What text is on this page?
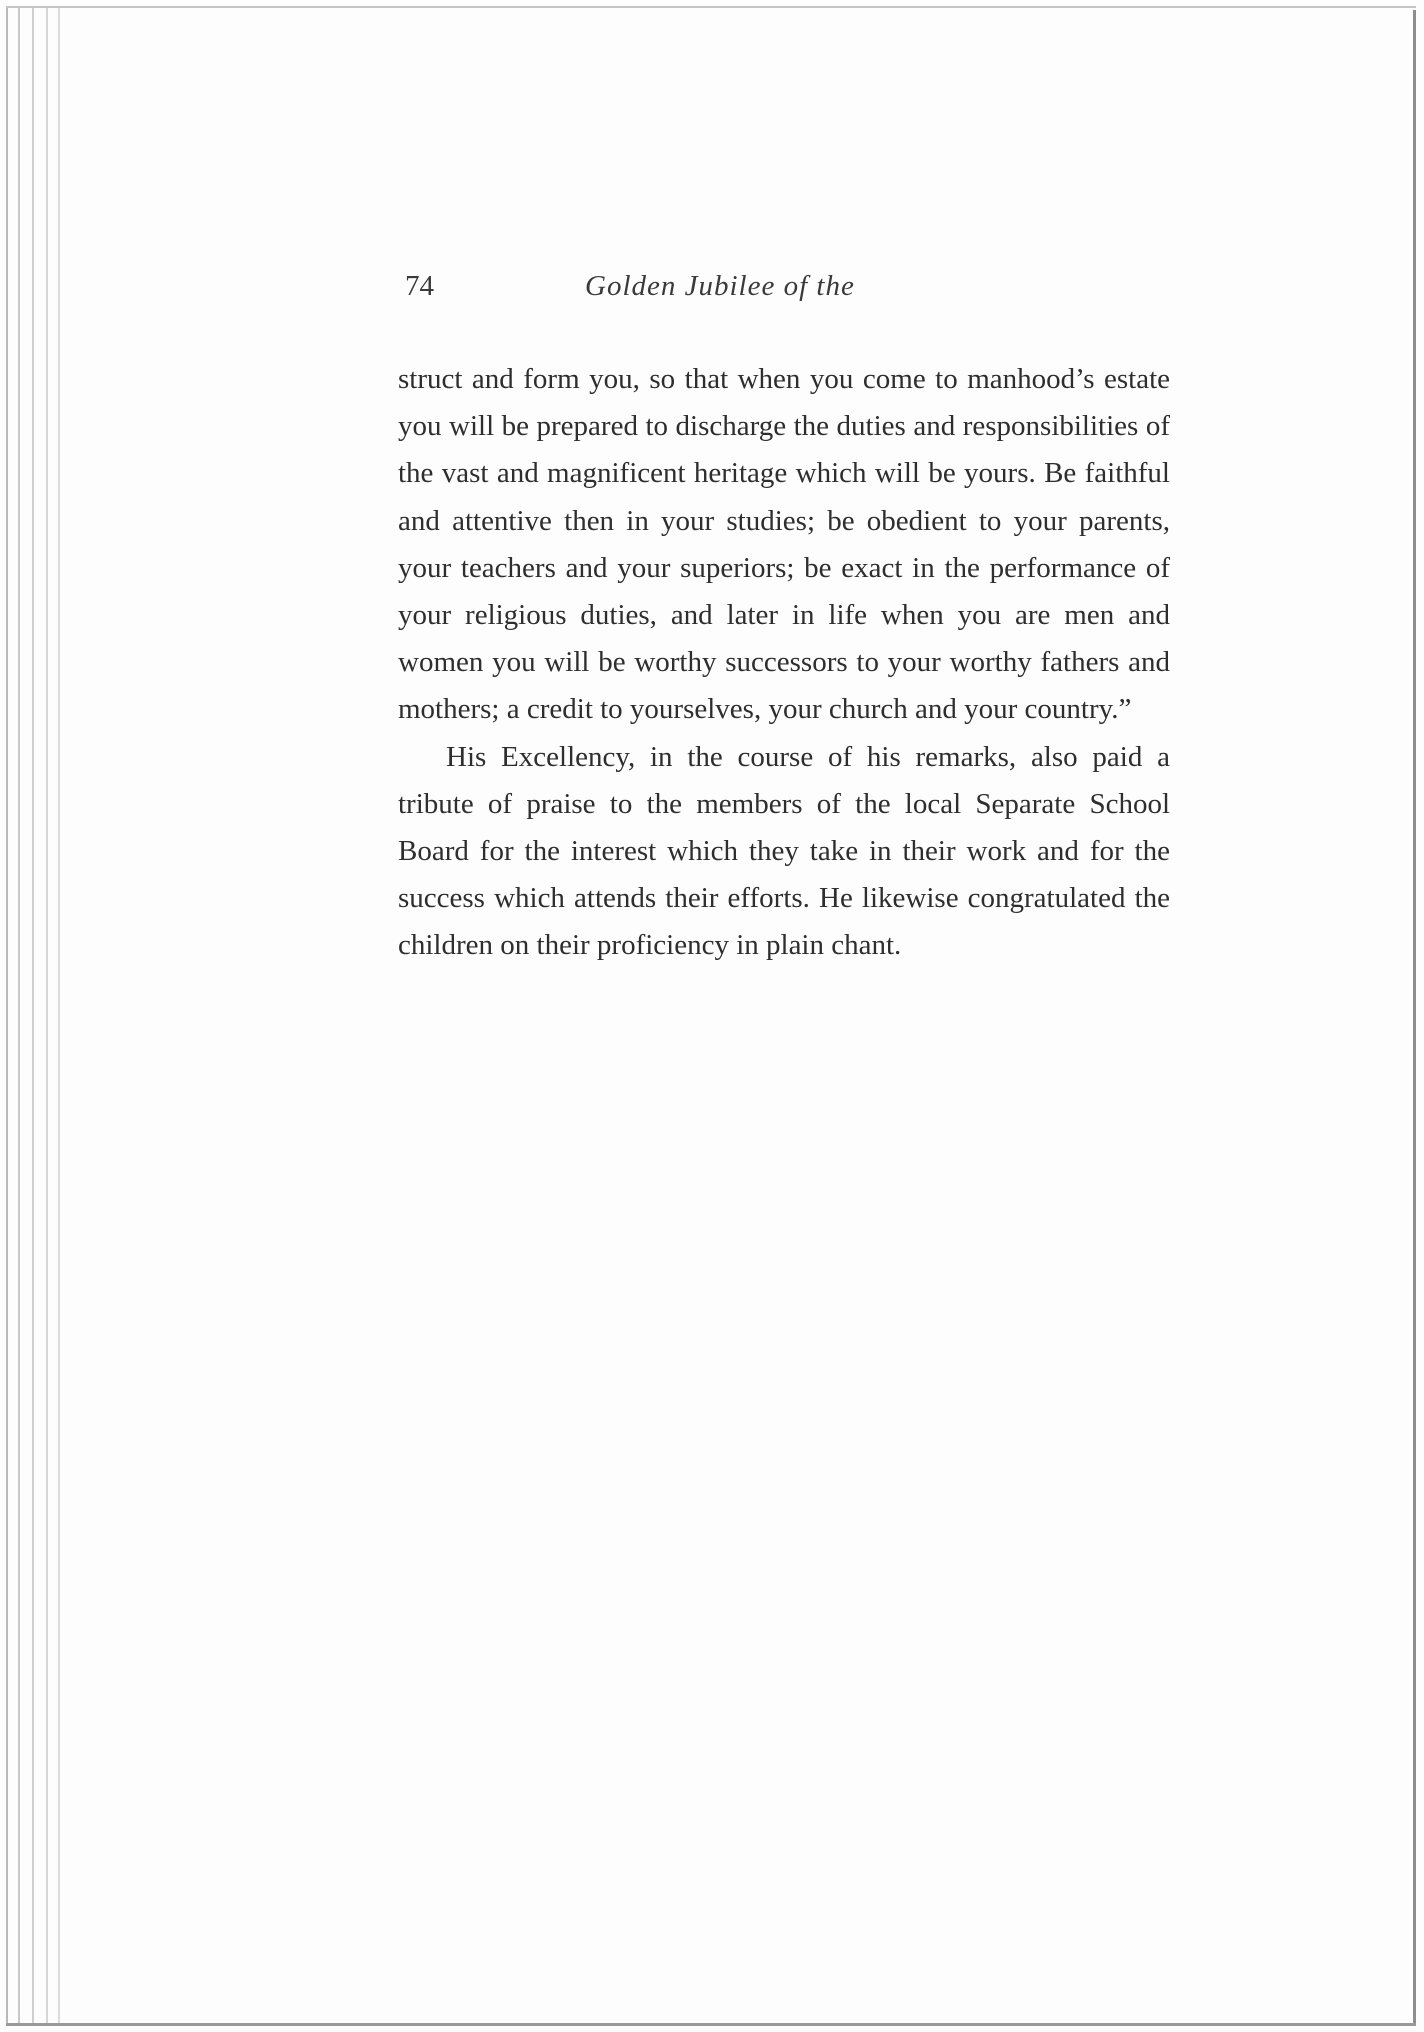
74	Golden Jubilee of the

struct and form you, so that when you come to manhood’s estate you will be prepared to discharge the duties and responsibilities of the vast and magnificent heritage which will be yours. Be faithful and attentive then in your studies; be obedient to your parents, your teachers and your superiors; be exact in the performance of your religious duties, and later in life when you are men and women you will be worthy successors to your worthy fathers and mothers; a credit to yourselves, your church and your country.”

His Excellency, in the course of his remarks, also paid a tribute of praise to the members of the local Separate School Board for the interest which they take in their work and for the success which attends their efforts. He likewise congratulated the children on their proficiency in plain chant.
